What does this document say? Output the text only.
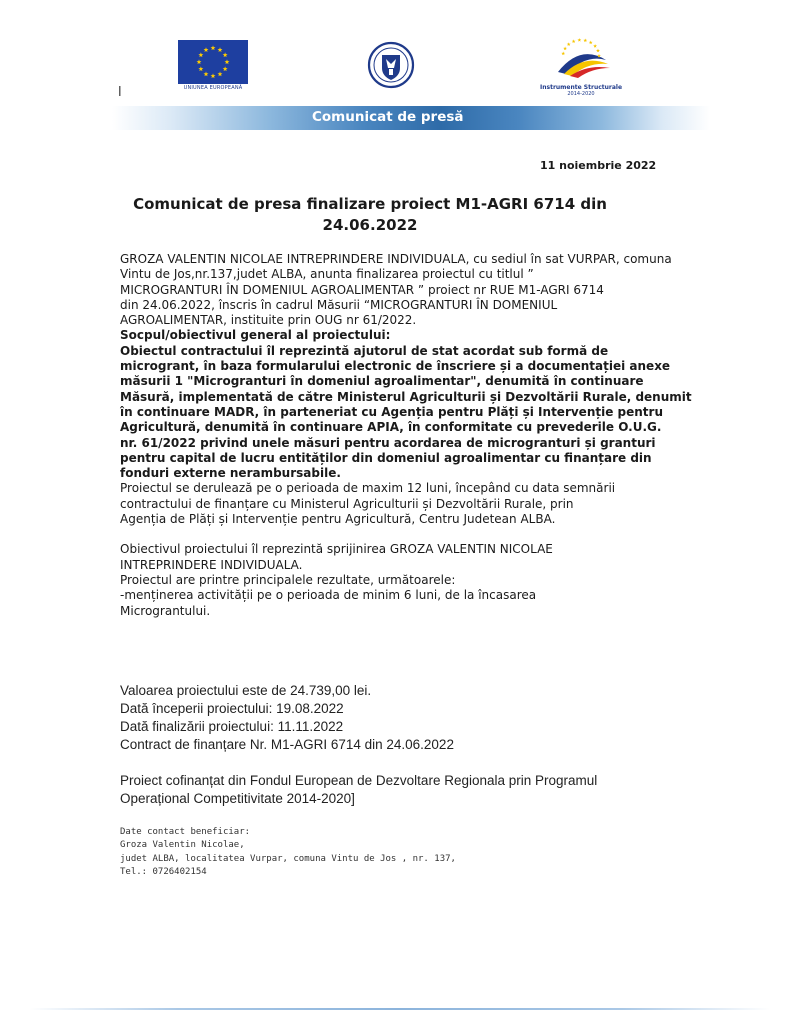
UNIUNEA EUROPEANĂ	Instrumente Structurale
2014-2020
l
Comunicat de presă
11 noiembrie 2022
Comunicat de presa finalizare proiect M1-AGRI 6714 din
24.06.2022

GROZA VALENTIN NICOLAE INTREPRINDERE INDIVIDUALA, cu sediul în sat VURPAR, comuna

Vintu de Jos,nr.137,judet ALBA, anunta finalizarea proiectul cu titlul ”

MICROGRANTURI ÎN DOMENIUL AGROALIMENTAR ” proiect nr RUE M1-AGRI 6714

din 24.06.2022, înscris în cadrul Măsurii “MICROGRANTURI ÎN DOMENIUL

AGROALIMENTAR, instituite prin OUG nr 61/2022.

Socpul/obiectivul general al proiectului:

Obiectul contractului îl reprezintă ajutorul de stat acordat sub formă de

microgrant, în baza formularului electronic de înscriere și a documentației anexe

măsurii 1 "Microgranturi în domeniul agroalimentar", denumită în continuare

Măsură, implementată de către Ministerul Agriculturii și Dezvoltării Rurale, denumit

în continuare MADR, în parteneriat cu Agenția pentru Plăți și Intervenție pentru

Agricultură, denumită în continuare APIA, în conformitate cu prevederile O.U.G.

nr. 61/2022 privind unele măsuri pentru acordarea de microgranturi și granturi

pentru capital de lucru entităților din domeniul agroalimentar cu finanțare din

fonduri externe nerambursabile.

Proiectul se derulează pe o perioada de maxim 12 luni, începând cu data semnării

contractului de finanțare cu Ministerul Agriculturii și Dezvoltării Rurale, prin

Agenția de Plăți și Intervenție pentru Agricultură, Centru Judetean ALBA.

Obiectivul proiectului îl reprezintă sprijinirea GROZA VALENTIN NICOLAE

INTREPRINDERE INDIVIDUALA.

Proiectul are printre principalele rezultate, următoarele:

-menținerea activității pe o perioada de minim 6 luni, de la încasarea

Micrograntului.

Valoarea proiectului este de 24.739,00 lei.

Dată începerii proiectului: 19.08.2022

Dată finalizării proiectului: 11.11.2022

Contract de finanțare Nr. M1-AGRI 6714 din 24.06.2022

Proiect cofinanțat din Fondul European de Dezvoltare Regionala prin Programul

Operațional Competitivitate 2014-2020]

Date contact beneficiar:

Groza Valentin Nicolae,

judet ALBA, localitatea Vurpar, comuna Vintu de Jos , nr. 137,

Tel.: 0726402154
